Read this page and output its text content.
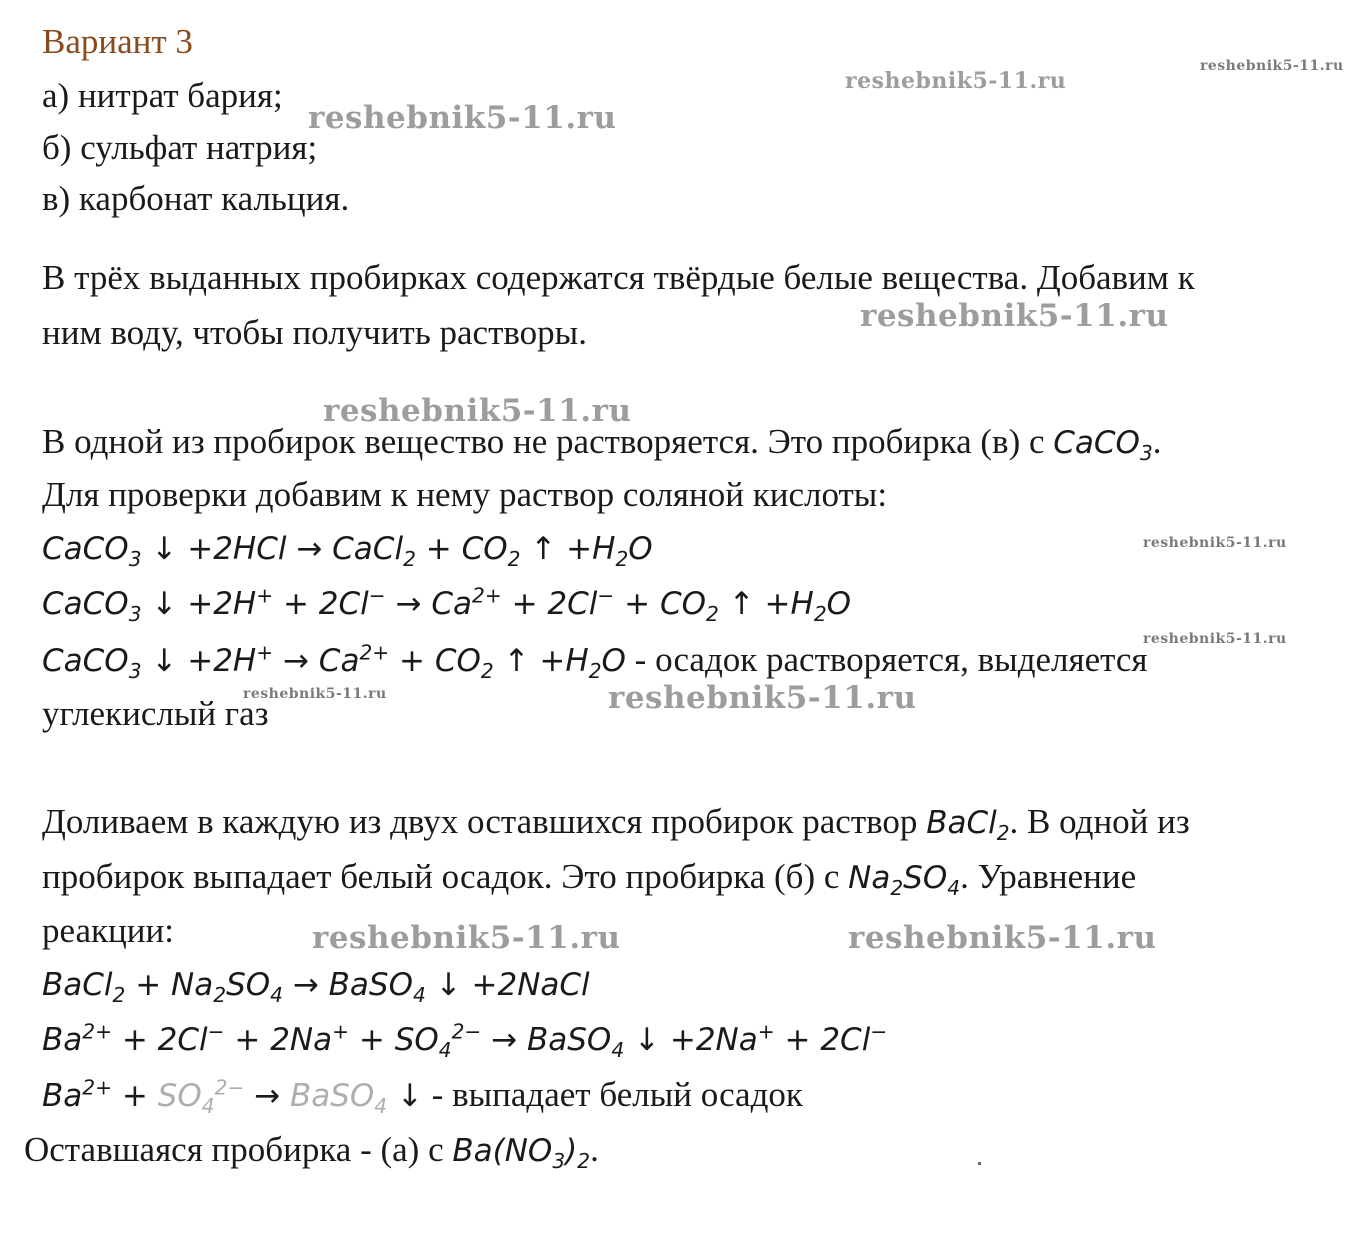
Вариант 3
а) нитрат бария;
б) сульфат натрия;
в) карбонат кальция.
В трёх выданных пробирках содержатся твёрдые белые вещества. Добавим к
ним воду, чтобы получить растворы.
В одной из пробирок вещество не растворяется. Это пробирка (в) с CaCO$_3$.
Для проверки добавим к нему раствор соляной кислоты:
CaCO$_3$ ↓ +2HCl → CaCl$_2$ + $CO_2$ ↑ $+H_2O$
CaCO$_3$ ↓ $+2H^+ + 2Cl^- \to Ca^{2+} + 2Cl^- + CO_2$ ↑ $+H_2O$
CaCO$_3$ ↓ $+2H^+ \to Ca^{2+} + CO_2$ ↑ $+H_2O$ - осадок растворяется, выделяется
углекислый газ
Доливаем в каждую из двух оставшихся пробирок раствор BaCl$_2$. В одной из
пробирок выпадает белый осадок. Это пробирка (б) с $Na_2SO_4$. Уравнение
реакции:
BaCl$_2$ + $Na_2SO_4$ → BaSO$_4$ ↓ +2NaCl
$Ba^{2+} + 2Cl^- + 2Na^+ + SO_4^{2-}$ → BaSO$_4$ ↓ +2Na+ + 2Cl−
$Ba^{2+} + SO_4^{2-}$ → BaSO$_4$ ↓ - выпадает белый осадок
Оставшаяся пробирка - (а) с $Ba(NO_3)_2$.
reshebnik5-11.ru
reshebnik5-11.ru
reshebnik5-11.ru
reshebnik5-11.ru
reshebnik5-11.ru
reshebnik5-11.ru
reshebnik5-11.ru
reshebnik5-11.ru	reshebnik5-11.ru
reshebnik5-11.ru	reshebnik5-11.ru
